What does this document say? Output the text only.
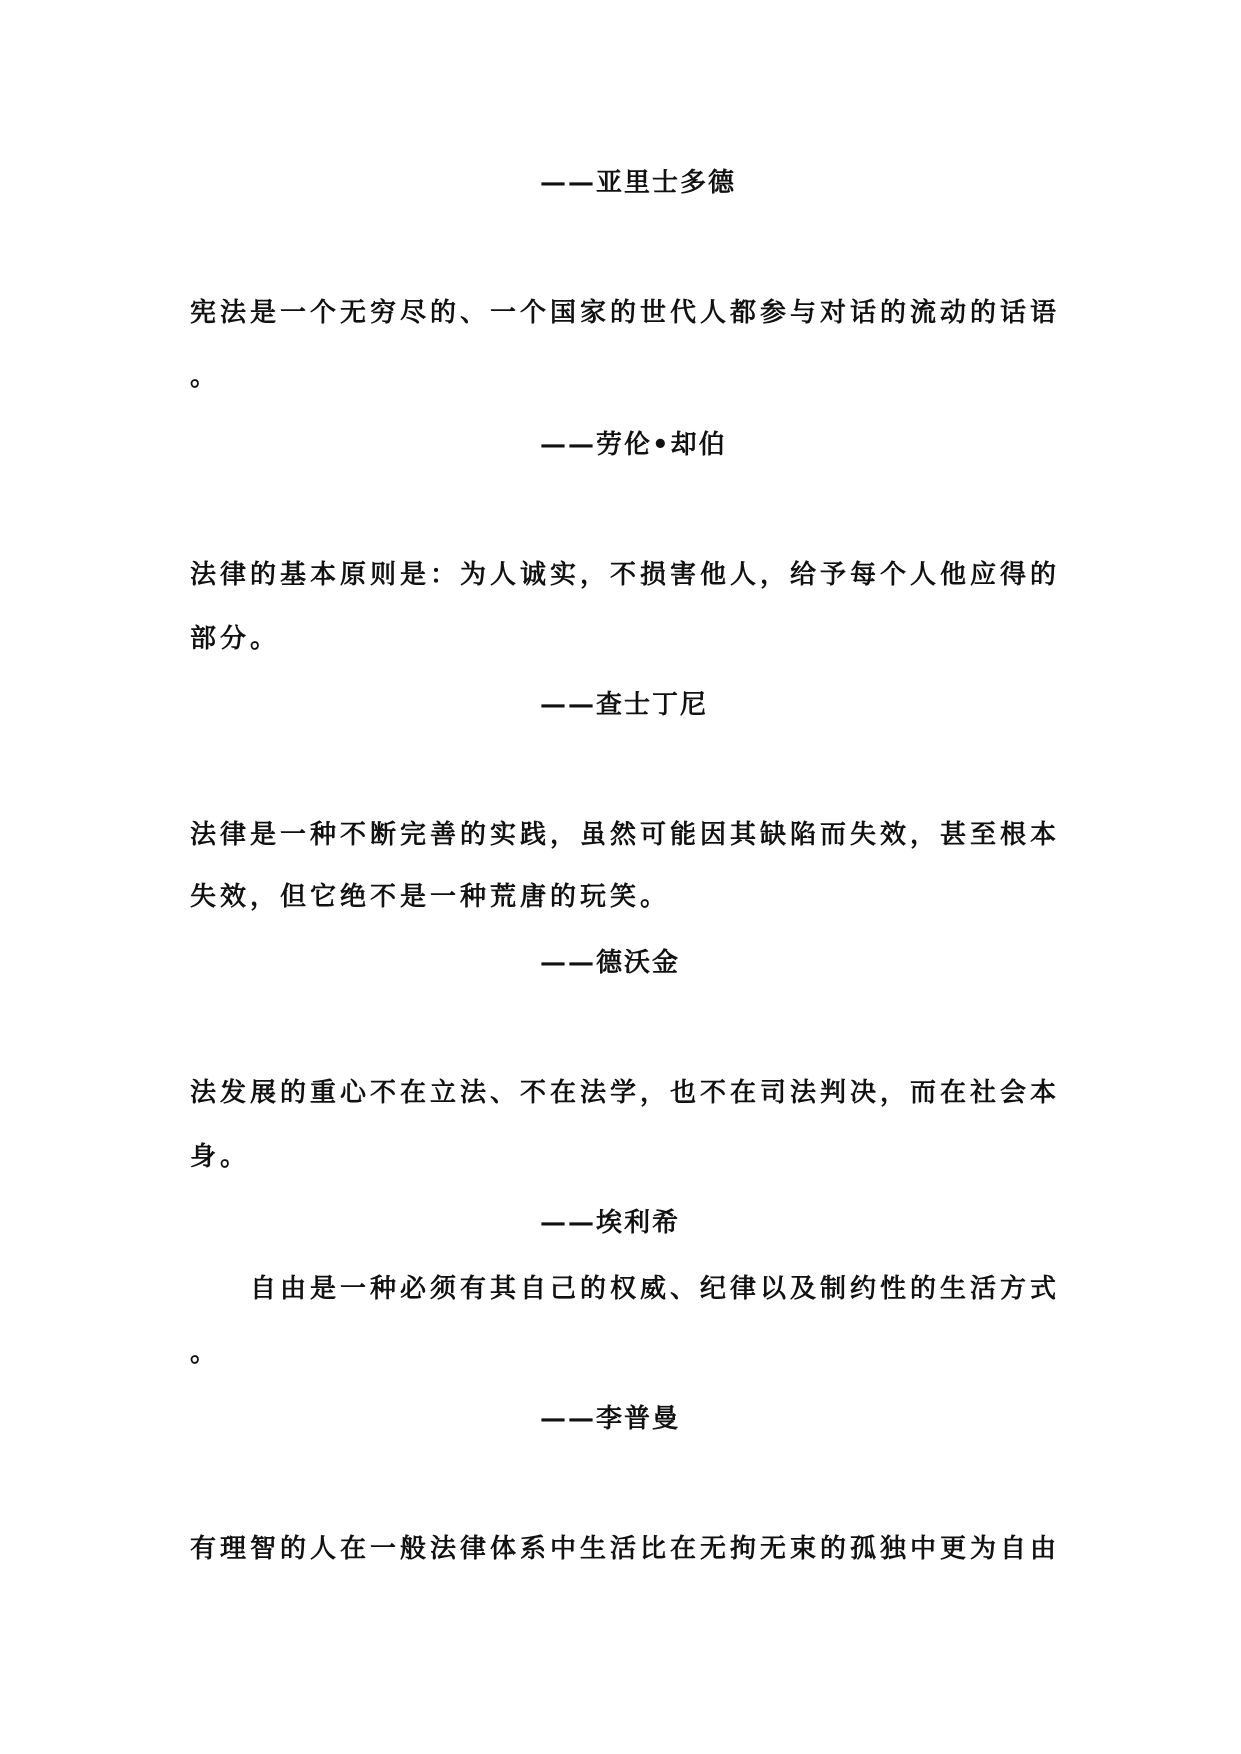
——亚里士多德
宪法是一个无穷尽的、一个国家的世代人都参与对话的流动的话语
。
——劳伦•却伯
法律的基本原则是：为人诚实，不损害他人，给予每个人他应得的
部分。
——查士丁尼
法律是一种不断完善的实践，虽然可能因其缺陷而失效，甚至根本
失效，但它绝不是一种荒唐的玩笑。
——德沃金
法发展的重心不在立法、不在法学，也不在司法判决，而在社会本
身。
——埃利希
自由是一种必须有其自己的权威、纪律以及制约性的生活方式
。
——李普曼
有理智的人在一般法律体系中生活比在无拘无束的孤独中更为自由
